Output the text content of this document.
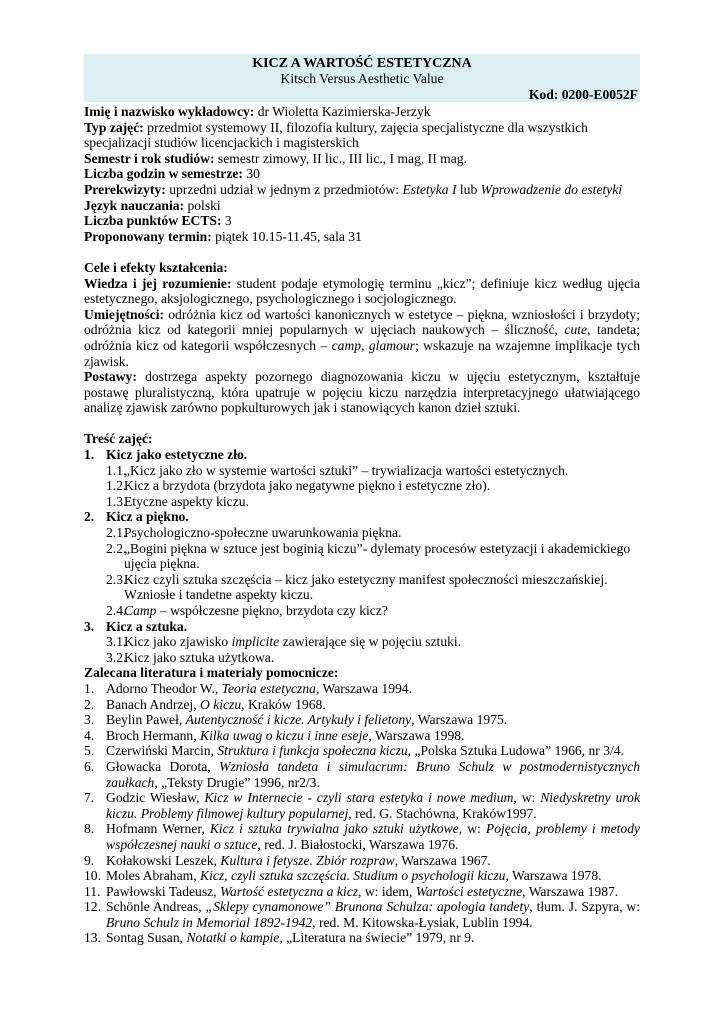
KICZ A WARTOŚĆ ESTETYCZNA
Kitsch Versus Aesthetic Value
Kod: 0200-E0052F
Imię i nazwisko wykładowcy: dr Wioletta Kazimierska-Jerzyk
Typ zajęć: przedmiot systemowy II, filozofia kultury, zajęcia specjalistyczne dla wszystkich specjalizacji studiów licencjackich i magisterskich
Semestr i rok studiów: semestr zimowy, II lic., III lic., I mag, II mag.
Liczba godzin w semestrze: 30
Prerekwizyty: uprzedni udział w jednym z przedmiotów: Estetyka I lub Wprowadzenie do estetyki
Język nauczania: polski
Liczba punktów ECTS: 3
Proponowany termin: piątek 10.15-11.45, sala 31
Cele i efekty kształcenia:
Wiedza i jej rozumienie: student podaje etymologię terminu „kicz”; definiuje kicz według ujęcia estetycznego, aksjologicznego, psychologicznego i socjologicznego.
Umiejętności: odróżnia kicz od wartości kanonicznych w estetyce – piękna, wzniosłości i brzydoty; odróżnia kicz od kategorii mniej popularnych w ujęciach naukowych – śliczność, cute, tandeta; odróżnia kicz od kategorii współczesnych – camp, glamour; wskazuje na wzajemne implikacje tych zjawisk.
Postawy: dostrzega aspekty pozornego diagnozowania kiczu w ujęciu estetycznym, kształtuje postawę pluralistyczną, która upatruje w pojęciu kiczu narzędzia interpretacyjnego ułatwiającego analizę zjawisk zarówno popkulturowych jak i stanowiących kanon dzieł sztuki.
Treść zajęć:
1. Kicz jako estetyczne zło.
1.1.
„Kicz jako zło w systemie wartości sztuki” – trywializacja wartości estetycznych.
1.2.
Kicz a brzydota (brzydota jako negatywne piękno i estetyczne zło).
1.3.
Etyczne aspekty kiczu.
2. Kicz a piękno.
2.1.
Psychologiczno-społeczne uwarunkowania piękna.
2.2.
„Bogini piękna w sztuce jest boginią kiczu”- dylematy procesów estetyzacji i akademickiego ujęcia piękna.
2.3.
Kicz czyli sztuka szczęścia – kicz jako estetyczny manifest społeczności mieszczańskiej. Wzniosłe i tandetne aspekty kiczu.
2.4.
Camp – współczesne piękno, brzydota czy kicz?
3. Kicz a sztuka.
3.1.
Kicz jako zjawisko implicite zawierające się w pojęciu sztuki.
3.2.
Kicz jako sztuka użytkowa.
Zalecana literatura i materiały pomocnicze:
1. Adorno Theodor W., Teoria estetyczna, Warszawa 1994.
2. Banach Andrzej, O kiczu, Kraków 1968.
3. Beylin Paweł, Autentyczność i kicze. Artykuły i felietony, Warszawa 1975.
4. Broch Hermann, Kilka uwag o kiczu i inne eseje, Warszawa 1998.
5. Czerwiński Marcin, Struktura i funkcja społeczna kiczu, „Polska Sztuka Ludowa” 1966, nr 3/4.
6. Głowacka Dorota, Wzniosła tandeta i simulacrum: Bruno Schulz w postmodernistycznych zaułkach, „Teksty Drugie” 1996, nr2/3.
7. Godzic Wiesław, Kicz w Internecie - czyli stara estetyka i nowe medium, w: Niedyskretny urok kiczu. Problemy filmowej kultury popularnej, red. G. Stachówna, Kraków1997.
8. Hofmann Werner, Kicz i sztuka trywialna jako sztuki użytkowe, w: Pojęcia, problemy i metody współczesnej nauki o sztuce, red. J. Białostocki, Warszawa 1976.
9. Kołakowski Leszek, Kultura i fetysze. Zbiór rozpraw, Warszawa 1967.
10. Moles Abraham, Kicz, czyli sztuka szczęścia. Studium o psychologii kiczu, Warszawa 1978.
11. Pawłowski Tadeusz, Wartość estetyczna a kicz, w: idem, Wartości estetyczne, Warszawa 1987.
12. Schönle Andreas, „Sklepy cynamonowe” Brunona Schulza: apologia tandety, tłum. J. Szpyra, w: Bruno Schulz in Memorial 1892-1942, red. M. Kitowska-Łysiak, Lublin 1994.
13. Sontag Susan, Notatki o kampie, „Literatura na świecie” 1979, nr 9.
